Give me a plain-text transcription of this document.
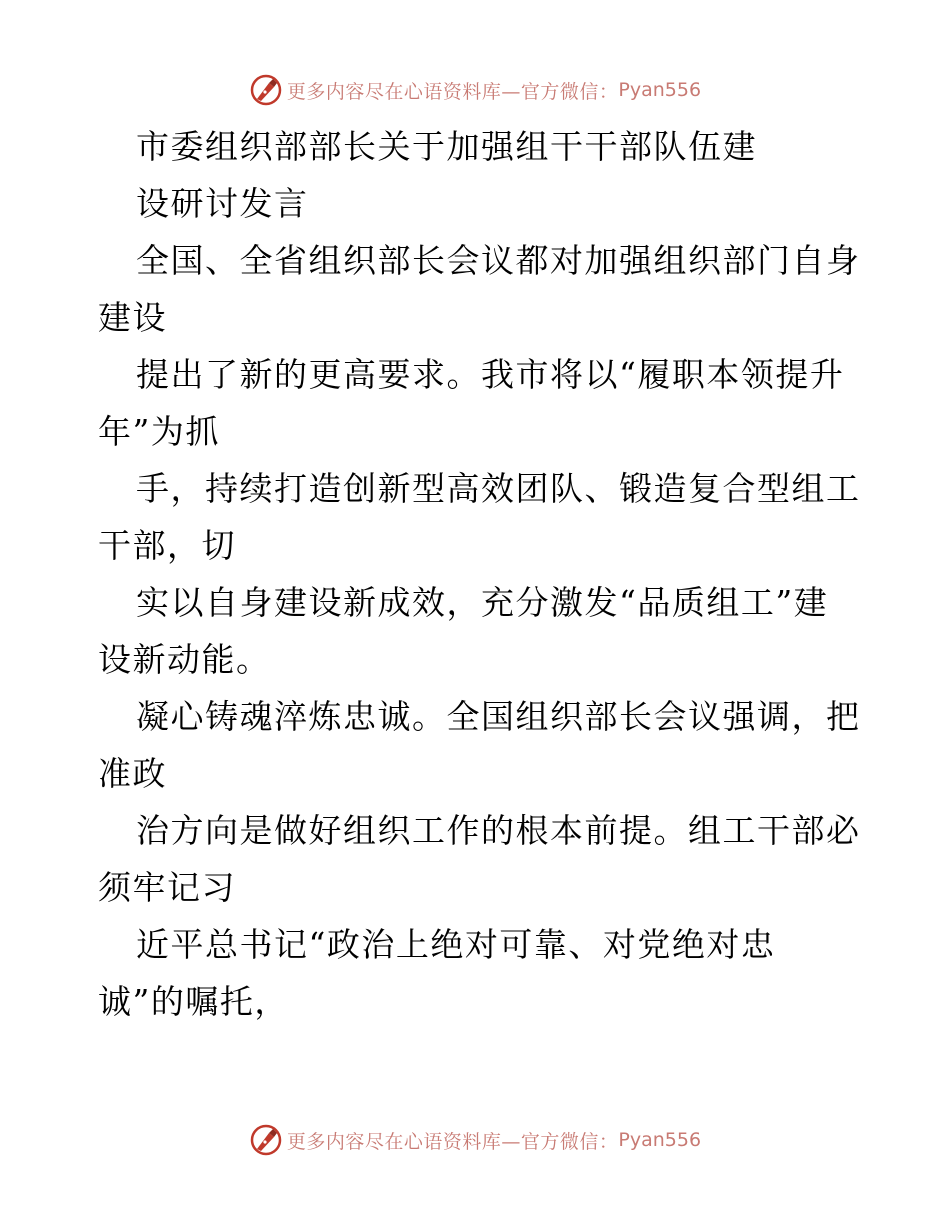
更多内容尽在心语资料库—官方微信： Pyan556
市委组织部部长关于加强组干干部队伍建
设研讨发言
全国、全省组织部长会议都对加强组织部门自身
建设
提出了新的更高要求。我市将以“履职本领提升
年”为抓
手，持续打造创新型高效团队、锻造复合型组工
干部，切
实以自身建设新成效，充分激发“品质组工”建
设新动能。
凝心铸魂淬炼忠诚。全国组织部长会议强调，把
准政
治方向是做好组织工作的根本前提。组工干部必
须牢记习
近平总书记“政治上绝对可靠、对党绝对忠
诚”的嘱托，
更多内容尽在心语资料库—官方微信： Pyan556
